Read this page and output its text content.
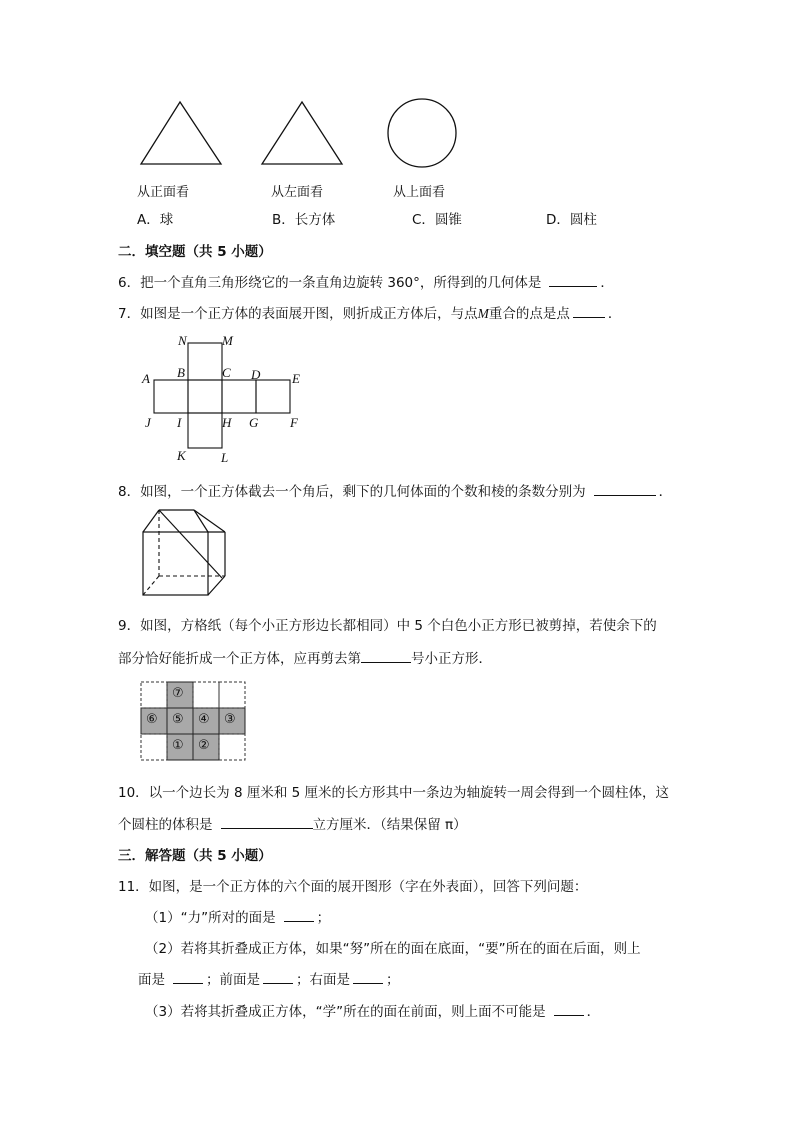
从正面看	从左面看	从上面看
A．球	B．长方体	C．圆锥	D．圆柱
二．填空题（共 5 小题）
6．把一个直角三角形绕它的一条直角边旋转 360°，所得到的几何体是	．
7．如图是一个正方体的表面展开图，则折成正方体后，与点M重合的点是点	．
N	M
A B	C D E
J I	H G F
K	L
8．如图，一个正方体截去一个角后，剩下的几何体面的个数和棱的条数分别为	．
9．如图，方格纸（每个小正方形边长都相同）中 5 个白色小正方形已被剪掉，若使余下的
部分恰好能折成一个正方体，应再剪去第	号小正方形．
⑦
⑥ ⑤ ④ ③
① ②
10．以一个边长为 8 厘米和 5 厘米的长方形其中一条边为轴旋转一周会得到一个圆柱体，这
个圆柱的体积是	立方厘米．（结果保留 π）
三．解答题（共 5 小题）
11．如图，是一个正方体的六个面的展开图形（字在外表面），回答下列问题：
（1）“力”所对的面是	；
（2）若将其折叠成正方体，如果“努”所在的面在底面，“要”所在的面在后面，则上
面是	；前面是	；右面是	；
（3）若将其折叠成正方体，“学”所在的面在前面，则上面不可能是	．
